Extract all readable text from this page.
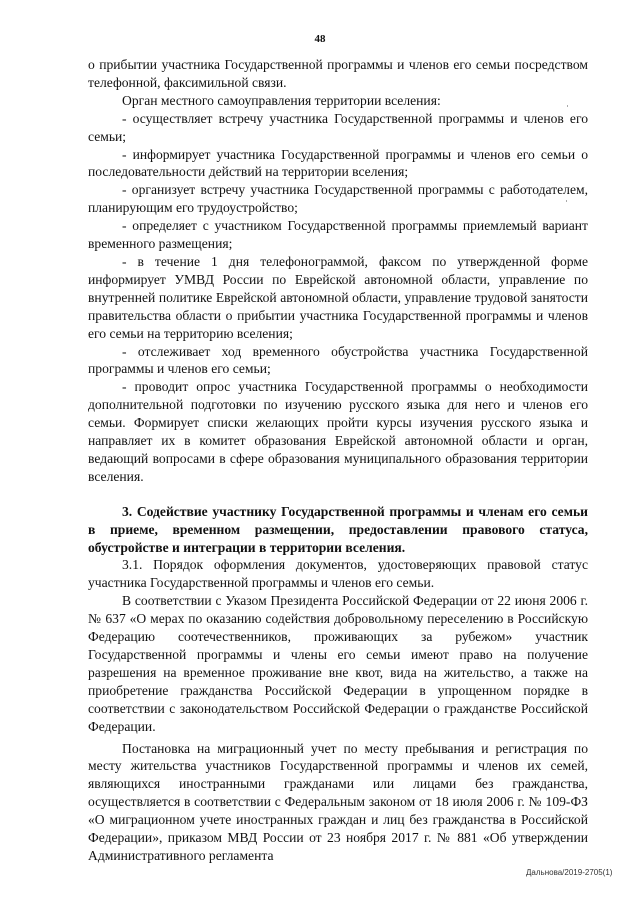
48

о прибытии участника Государственной программы и членов его семьи посредством телефонной, факсимильной связи.

Орган местного самоуправления территории вселения:

- осуществляет встречу участника Государственной программы и членов его семьи;

- информирует участника Государственной программы и членов его семьи о последовательности действий на территории вселения;

- организует встречу участника Государственной программы с работодателем, планирующим его трудоустройство;

- определяет с участником Государственной программы приемлемый вариант временного размещения;

- в течение 1 дня телефонограммой, факсом по утвержденной форме информирует УМВД России по Еврейской автономной области, управление по внутренней политике Еврейской автономной области, управление трудовой занятости правительства области о прибытии участника Государственной программы и членов его семьи на территорию вселения;

- отслеживает ход временного обустройства участника Государственной программы и членов его семьи;

- проводит опрос участника Государственной программы о необходимости дополнительной подготовки по изучению русского языка для него и членов его семьи. Формирует списки желающих пройти курсы изучения русского языка и направляет их в комитет образования Еврейской автономной области и орган, ведающий вопросами в сфере образования муниципального образования территории вселения.

3. Содействие участнику Государственной программы и членам его семьи в приеме, временном размещении, предоставлении правового статуса, обустройстве и интеграции в территории вселения.

3.1. Порядок оформления документов, удостоверяющих правовой статус участника Государственной программы и членов его семьи.

В соответствии с Указом Президента Российской Федерации от 22 июня 2006 г. № 637 «О мерах по оказанию содействия добровольному переселению в Российскую Федерацию соотечественников, проживающих за рубежом» участник Государственной программы и члены его семьи имеют право на получение разрешения на временное проживание вне квот, вида на жительство, а также на приобретение гражданства Российской Федерации в упрощенном порядке в соответствии с законодательством Российской Федерации о гражданстве Российской Федерации.

Постановка на миграционный учет по месту пребывания и регистрация по месту жительства участников Государственной программы и членов их семей, являющихся иностранными гражданами или лицами без гражданства, осуществляется в соответствии с Федеральным законом от 18 июля 2006 г. № 109-ФЗ «О миграционном учете иностранных граждан и лиц без гражданства в Российской Федерации», приказом МВД России от 23 ноября 2017 г. № 881 «Об утверждении Административного регламента

Дальнова/2019-2705(1)
